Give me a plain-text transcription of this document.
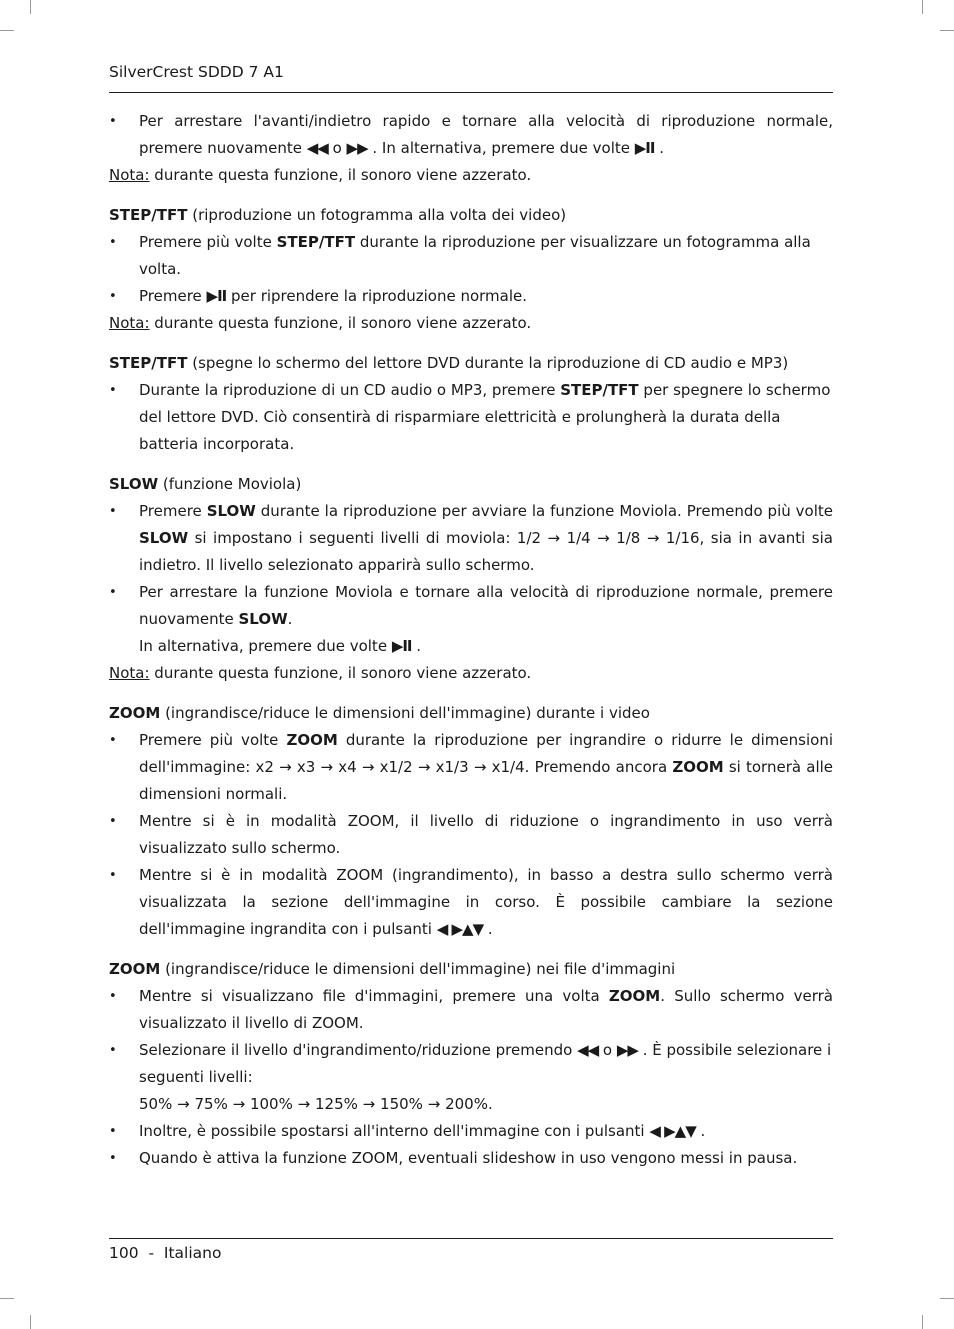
SilverCrest SDDD 7 A1

• Per arrestare l'avanti/indietro rapido e tornare alla velocità di riproduzione normale, premere nuovamente ◀◀ o ▶▶ . In alternativa, premere due volte ▶II .

Nota: durante questa funzione, il sonoro viene azzerato.

STEP/TFT (riproduzione un fotogramma alla volta dei video)

• Premere più volte STEP/TFT durante la riproduzione per visualizzare un fotogramma alla volta.

• Premere ▶II per riprendere la riproduzione normale.

Nota: durante questa funzione, il sonoro viene azzerato.

STEP/TFT (spegne lo schermo del lettore DVD durante la riproduzione di CD audio e MP3)

• Durante la riproduzione di un CD audio o MP3, premere STEP/TFT per spegnere lo schermo del lettore DVD. Ciò consentirà di risparmiare elettricità e prolungherà la durata della batteria incorporata.

SLOW (funzione Moviola)

• Premere SLOW durante la riproduzione per avviare la funzione Moviola. Premendo più volte SLOW si impostano i seguenti livelli di moviola: 1/2 → 1/4 → 1/8 → 1/16, sia in avanti sia indietro. Il livello selezionato apparirà sullo schermo.

• Per arrestare la funzione Moviola e tornare alla velocità di riproduzione normale, premere nuovamente SLOW.

In alternativa, premere due volte ▶II .

Nota: durante questa funzione, il sonoro viene azzerato.

ZOOM (ingrandisce/riduce le dimensioni dell'immagine) durante i video

• Premere più volte ZOOM durante la riproduzione per ingrandire o ridurre le dimensioni dell'immagine: x2 → x3 → x4 → x1/2 → x1/3 → x1/4. Premendo ancora ZOOM si tornerà alle dimensioni normali.

• Mentre si è in modalità ZOOM, il livello di riduzione o ingrandimento in uso verrà visualizzato sullo schermo.

• Mentre si è in modalità ZOOM (ingrandimento), in basso a destra sullo schermo verrà visualizzata la sezione dell'immagine in corso. È possibile cambiare la sezione dell'immagine ingrandita con i pulsanti ◀ ▶▲▼ .

ZOOM (ingrandisce/riduce le dimensioni dell'immagine) nei file d'immagini

• Mentre si visualizzano file d'immagini, premere una volta ZOOM. Sullo schermo verrà visualizzato il livello di ZOOM.

• Selezionare il livello d'ingrandimento/riduzione premendo ◀◀ o ▶▶ . È possibile selezionare i seguenti livelli:

50% → 75% → 100% → 125% → 150% → 200%.

• Inoltre, è possibile spostarsi all'interno dell'immagine con i pulsanti ◀ ▶▲▼ .

• Quando è attiva la funzione ZOOM, eventuali slideshow in uso vengono messi in pausa.

100  -  Italiano
